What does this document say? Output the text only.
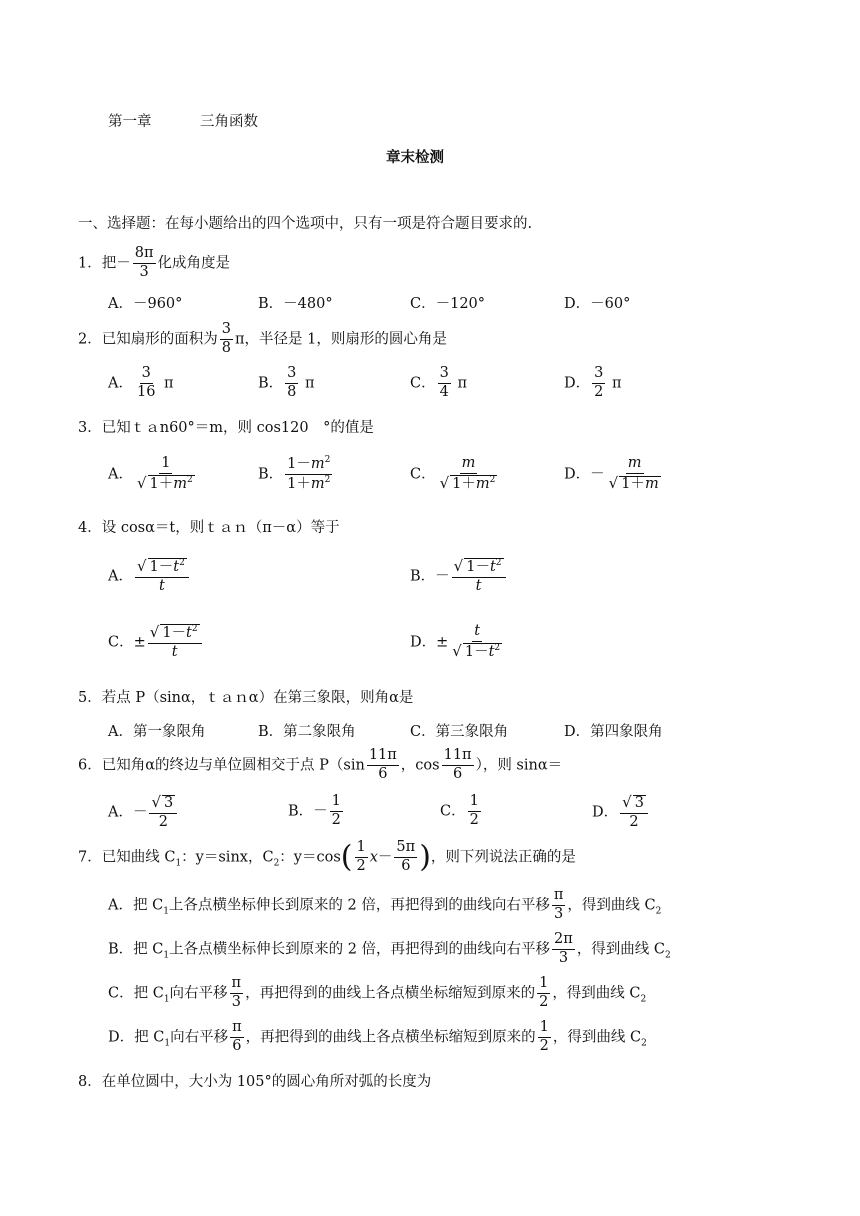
第一章	三角函数
章末检测
一、选择题：在每小题给出的四个选项中，只有一项是符合题目要求的.
1．把－ $\frac{8\pi}{3}$ 化成角度是
A．－960°	B．－480°	C．－120°	D．－60°
2．已知扇形的面积为 $\frac{3}{8}$ π，半径是 1，则扇形的圆心角是
A． $\frac{3}{16}$ π	B． $\frac{3}{8}$ π	C． $\frac{3}{4}$ π	D． $\frac{3}{2}$ π
3．已知ｔａn60°＝m，则 cos120　°的值是
A． $\frac{1}{√ 1+m^2}$	B． $\frac{1-m^2}{1+m^2}$	C． $\frac{m}{√ 1+m^2}$	D．－ $\frac{m}{√ 1+m}$
4．设 cosα＝t，则ｔａｎ（π－α）等于
A． $\frac{√ 1-t^2}{t}$	B．－ $\frac{√ 1-t^2}{t}$
C．± $\frac{√ 1-t^2}{t}$	D．± $\frac{t}{√ 1-t^2}$
5．若点 P（sinα，ｔａｎα）在第三象限，则角α是
A．第一象限角	B．第二象限角	C．第三象限角	D．第四象限角
6．已知角α的终边与单位圆相交于点 $P(\sin \frac{11\pi}{6}$ ，$\cos \frac{11\pi}{6}$ ），则 sinα＝
A．－ $\frac{√ 3}{2}$	B．－ $\frac{1}{2}$	C． $\frac{1}{2}$	D． $\frac{√ 3}{2}$
7．已知曲线 $C_1$：y＝sinx，$C_2$：$y=\cos( \frac{1}{2} x- \frac{5\pi}{6}$ )，则下列说法正确的是
A．把 $C_1$上各点横坐标伸长到原来的 2 倍，再把得到的曲线向右平移 $\frac{\pi}{3}$ ，得到曲线 $C_2$
B．把 $C_1$上各点横坐标伸长到原来的 2 倍，再把得到的曲线向右平移 $\frac{2\pi}{3}$ ，得到曲线 $C_2$
C．把 $C_1$向右平移 $\frac{\pi}{3}$ ，再把得到的曲线上各点横坐标缩短到原来的 $\frac{1}{2}$ ，得到曲线 $C_2$
D．把 $C_1$向右平移 $\frac{\pi}{6}$ ，再把得到的曲线上各点横坐标缩短到原来的 $\frac{1}{2}$ ，得到曲线 $C_2$
8．在单位圆中，大小为 105°的圆心角所对弧的长度为
